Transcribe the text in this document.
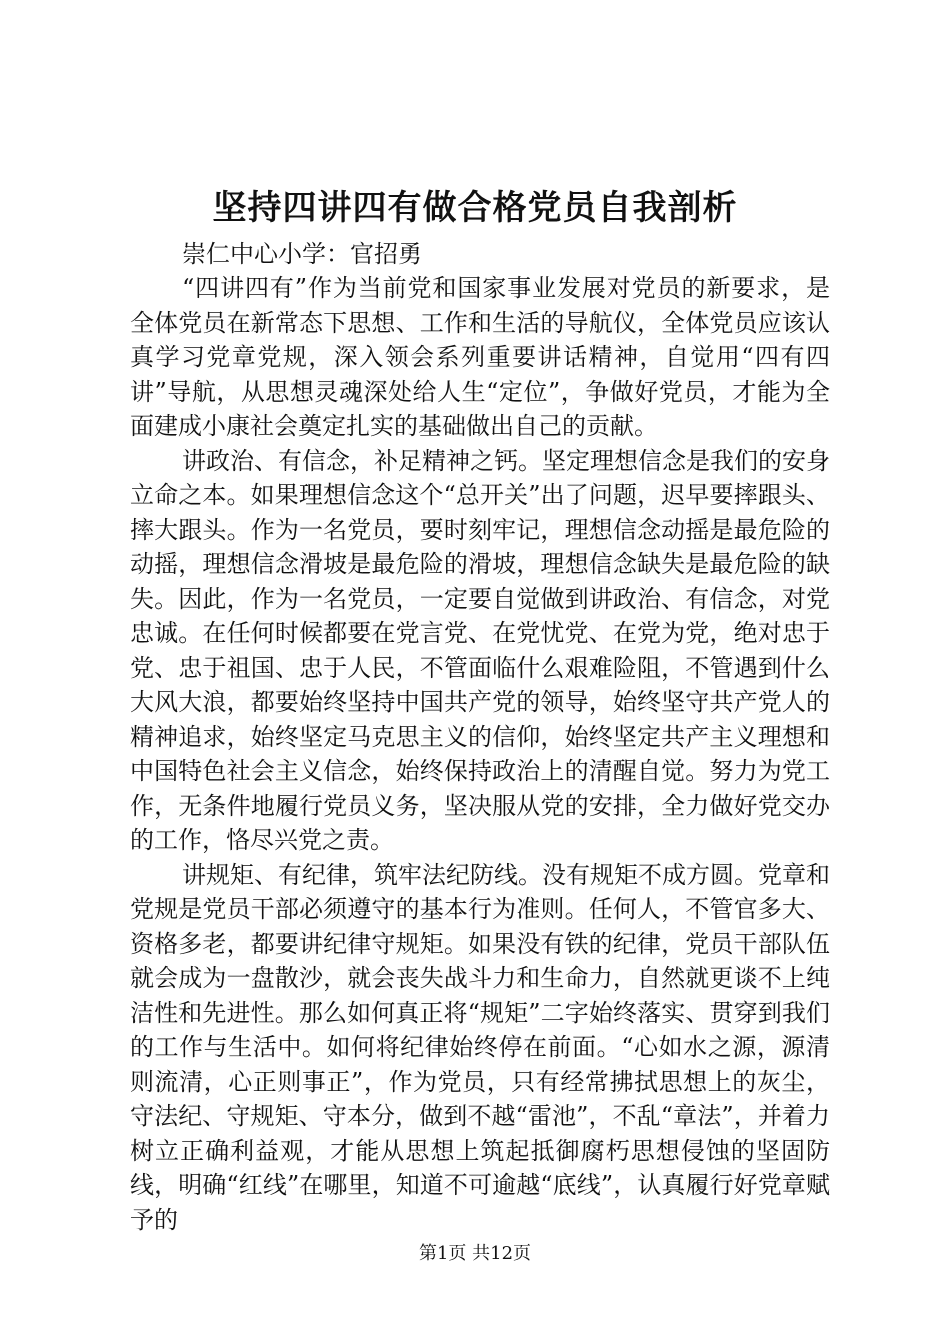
坚持四讲四有做合格党员自我剖析

崇仁中心小学：官招勇

“四讲四有”作为当前党和国家事业发展对党员的新要求，是全体党员在新常态下思想、工作和生活的导航仪，全体党员应该认真学习党章党规，深入领会系列重要讲话精神，自觉用“四有四讲”导航，从思想灵魂深处给人生“定位”，争做好党员，才能为全面建成小康社会奠定扎实的基础做出自己的贡献。

讲政治、有信念，补足精神之钙。坚定理想信念是我们的安身立命之本。如果理想信念这个“总开关”出了问题，迟早要摔跟头、摔大跟头。作为一名党员，要时刻牢记，理想信念动摇是最危险的动摇，理想信念滑坡是最危险的滑坡，理想信念缺失是最危险的缺失。因此，作为一名党员，一定要自觉做到讲政治、有信念，对党忠诚。在任何时候都要在党言党、在党忧党、在党为党，绝对忠于党、忠于祖国、忠于人民，不管面临什么艰难险阻，不管遇到什么大风大浪，都要始终坚持中国共产党的领导，始终坚守共产党人的精神追求，始终坚定马克思主义的信仰，始终坚定共产主义理想和中国特色社会主义信念，始终保持政治上的清醒自觉。努力为党工作，无条件地履行党员义务，坚决服从党的安排，全力做好党交办的工作，恪尽兴党之责。

讲规矩、有纪律，筑牢法纪防线。没有规矩不成方圆。党章和党规是党员干部必须遵守的基本行为准则。任何人，不管官多大、资格多老，都要讲纪律守规矩。如果没有铁的纪律，党员干部队伍就会成为一盘散沙，就会丧失战斗力和生命力，自然就更谈不上纯洁性和先进性。那么如何真正将“规矩”二字始终落实、贯穿到我们的工作与生活中。如何将纪律始终停在前面。“心如水之源，源清则流清，心正则事正”，作为党员，只有经常拂拭思想上的灰尘，守法纪、守规矩、守本分，做到不越“雷池”，不乱“章法”，并着力树立正确利益观，才能从思想上筑起抵御腐朽思想侵蚀的坚固防线，明确“红线”在哪里，知道不可逾越“底线”，认真履行好党章赋予的

第1页 共12页
